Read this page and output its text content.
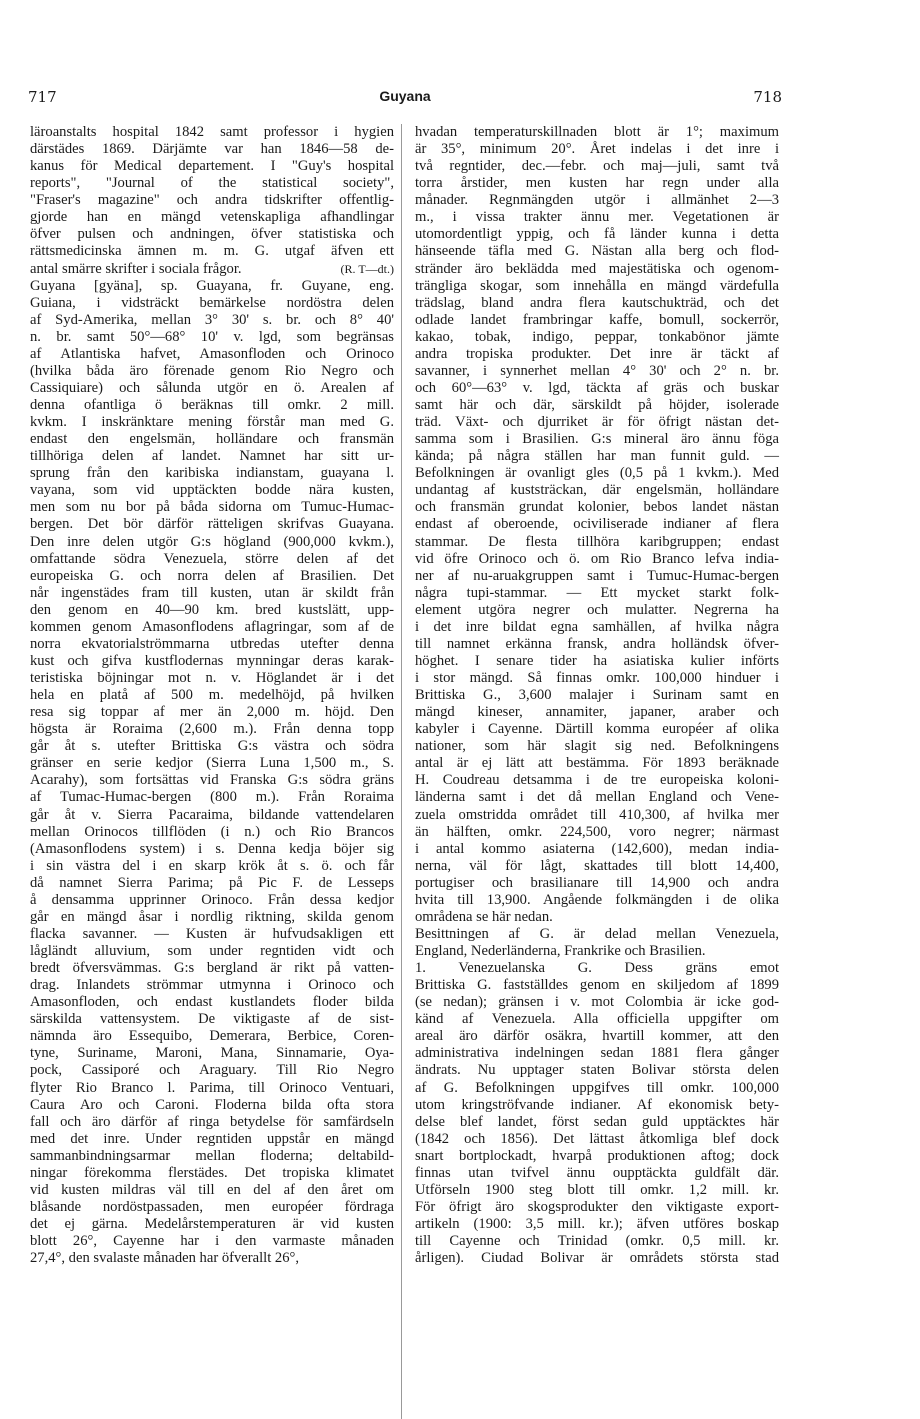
717	Guyana	718
läroanstalts hospital 1842 samt professor i hygien
därstädes 1869. Därjämte var han 1846—58 de-
kanus för Medical departement. I "Guy's hospital
reports", "Journal of the statistical society",
"Fraser's magazine" och andra tidskrifter offentlig-
gjorde han en mängd vetenskapliga afhandlingar
öfver pulsen och andningen, öfver statistiska och
rättsmedicinska ämnen m. m. G. utgaf äfven ett
(R. T—dt.)
antal smärre skrifter i sociala frågor.
Guyana [gyäna], sp. Guayana, fr. Guyane, eng.
Guiana, i vidsträckt bemärkelse nordöstra delen
af Syd-Amerika, mellan 3° 30' s. br. och 8° 40'
n. br. samt 50°—68° 10' v. lgd, som begränsas
af Atlantiska hafvet, Amasonfloden och Orinoco
(hvilka båda äro förenade genom Rio Negro och
Cassiquiare) och sålunda utgör en ö. Arealen af
denna ofantliga ö beräknas till omkr. 2 mill.
kvkm. I inskränktare mening förstår man med G.
endast den engelsmän, holländare och fransmän
tillhöriga delen af landet. Namnet har sitt ur-
sprung från den karibiska indianstam, guayana l.
vayana, som vid upptäckten bodde nära kusten,
men som nu bor på båda sidorna om Tumuc-Humac-
bergen. Det bör därför rätteligen skrifvas Guayana.
Den inre delen utgör G:s högland (900,000 kvkm.),
omfattande södra Venezuela, större delen af det
europeiska G. och norra delen af Brasilien. Det
når ingenstädes fram till kusten, utan är skildt från
den genom en 40—90 km. bred kustslätt, upp-
kommen genom Amasonflodens aflagringar, som af de
norra ekvatorialströmmarna utbredas utefter denna
kust och gifva kustflodernas mynningar deras karak-
teristiska böjningar mot n. v. Höglandet är i det
hela en platå af 500 m. medelhöjd, på hvilken
resa sig toppar af mer än 2,000 m. höjd. Den
högsta är Roraima (2,600 m.). Från denna topp
går åt s. utefter Brittiska G:s västra och södra
gränser en serie kedjor (Sierra Luna 1,500 m., S.
Acarahy), som fortsättas vid Franska G:s södra gräns
af Tumac-Humac-bergen (800 m.). Från Roraima
går åt v. Sierra Pacaraima, bildande vattendelaren
mellan Orinocos tillflöden (i n.) och Rio Brancos
(Amasonflodens system) i s. Denna kedja böjer sig
i sin västra del i en skarp krök åt s. ö. och får
då namnet Sierra Parima; på Pic F. de Lesseps
å densamma upprinner Orinoco. Från dessa kedjor
går en mängd åsar i nordlig riktning, skilda genom
flacka savanner. — Kusten är hufvudsakligen ett
lågländt alluvium, som under regntiden vidt och
bredt öfversvämmas. G:s bergland är rikt på vatten-
drag. Inlandets strömmar utmynna i Orinoco och
Amasonfloden, och endast kustlandets floder bilda
särskilda vattensystem. De viktigaste af de sist-
nämnda äro Essequibo, Demerara, Berbice, Coren-
tyne, Suriname, Maroni, Mana, Sinnamarie, Oya-
pock, Cassiporé och Araguary. Till Rio Negro
flyter Rio Branco l. Parima, till Orinoco Ventuari,
Caura Aro och Caroni. Floderna bilda ofta stora
fall och äro därför af ringa betydelse för samfärdseln
med det inre. Under regntiden uppstår en mängd
sammanbindningsarmar mellan floderna; deltabild-
ningar förekomma flerstädes. Det tropiska klimatet
vid kusten mildras väl till en del af den året om
blåsande nordöstpassaden, men européer fördraga
det ej gärna. Medelårstemperaturen är vid kusten
blott 26°, Cayenne har i den varmaste månaden
27,4°, den svalaste månaden har öfverallt 26°,
hvadan temperaturskillnaden blott är 1°; maximum
är 35°, minimum 20°. Året indelas i det inre i
två regntider, dec.—febr. och maj—juli, samt två
torra årstider, men kusten har regn under alla
månader. Regnmängden utgör i allmänhet 2—3
m., i vissa trakter ännu mer. Vegetationen är
utomordentligt yppig, och få länder kunna i detta
hänseende täfla med G. Nästan alla berg och flod-
stränder äro beklädda med majestätiska och ogenom-
trängliga skogar, som innehålla en mängd värdefulla
trädslag, bland andra flera kautschukträd, och det
odlade landet frambringar kaffe, bomull, sockerrör,
kakao, tobak, indigo, peppar, tonkabönor jämte
andra tropiska produkter. Det inre är täckt af
savanner, i synnerhet mellan 4° 30' och 2° n. br.
och 60°—63° v. lgd, täckta af gräs och buskar
samt här och där, särskildt på höjder, isolerade
träd. Växt- och djurriket är för öfrigt nästan det-
samma som i Brasilien. G:s mineral äro ännu föga
kända; på några ställen har man funnit guld. —
Befolkningen är ovanligt gles (0,5 på 1 kvkm.). Med
undantag af kuststräckan, där engelsmän, holländare
och fransmän grundat kolonier, bebos landet nästan
endast af oberoende, ociviliserade indianer af flera
stammar. De flesta tillhöra karibgruppen; endast
vid öfre Orinoco och ö. om Rio Branco lefva india-
ner af nu-aruakgruppen samt i Tumuc-Humac-bergen
några tupi-stammar. — Ett mycket starkt folk-
element utgöra negrer och mulatter. Negrerna ha
i det inre bildat egna samhällen, af hvilka några
till namnet erkänna fransk, andra holländsk öfver-
höghet. I senare tider ha asiatiska kulier införts
i stor mängd. Så finnas omkr. 100,000 hinduer i
Brittiska G., 3,600 malajer i Surinam samt en
mängd kineser, annamiter, japaner, araber och
kabyler i Cayenne. Därtill komma européer af olika
nationer, som här slagit sig ned. Befolkningens
antal är ej lätt att bestämma. För 1893 beräknade
H. Coudreau detsamma i de tre europeiska koloni-
länderna samt i det då mellan England och Vene-
zuela omstridda området till 410,300, af hvilka mer
än hälften, omkr. 224,500, voro negrer; närmast
i antal kommo asiaterna (142,600), medan india-
nerna, väl för lågt, skattades till blott 14,400,
portugiser och brasilianare till 14,900 och andra
hvita till 13,900. Angående folkmängden i de olika
områdena se här nedan.
Besittningen af G. är delad mellan Venezuela,
England, Nederländerna, Frankrike och Brasilien.
1. Venezuelanska G. Dess gräns emot
Brittiska G. fastställdes genom en skiljedom af 1899
(se nedan); gränsen i v. mot Colombia är icke god-
känd af Venezuela. Alla officiella uppgifter om
areal äro därför osäkra, hvartill kommer, att den
administrativa indelningen sedan 1881 flera gånger
ändrats. Nu upptager staten Bolivar största delen
af G. Befolkningen uppgifves till omkr. 100,000
utom kringströfvande indianer. Af ekonomisk bety-
delse blef landet, först sedan guld upptäcktes här
(1842 och 1856). Det lättast åtkomliga blef dock
snart bortplockadt, hvarpå produktionen aftog; dock
finnas utan tvifvel ännu oupptäckta guldfält där.
Utförseln 1900 steg blott till omkr. 1,2 mill. kr.
För öfrigt äro skogsprodukter den viktigaste export-
artikeln (1900: 3,5 mill. kr.); äfven utföres boskap
till Cayenne och Trinidad (omkr. 0,5 mill. kr.
årligen). Ciudad Bolivar är områdets största stad
